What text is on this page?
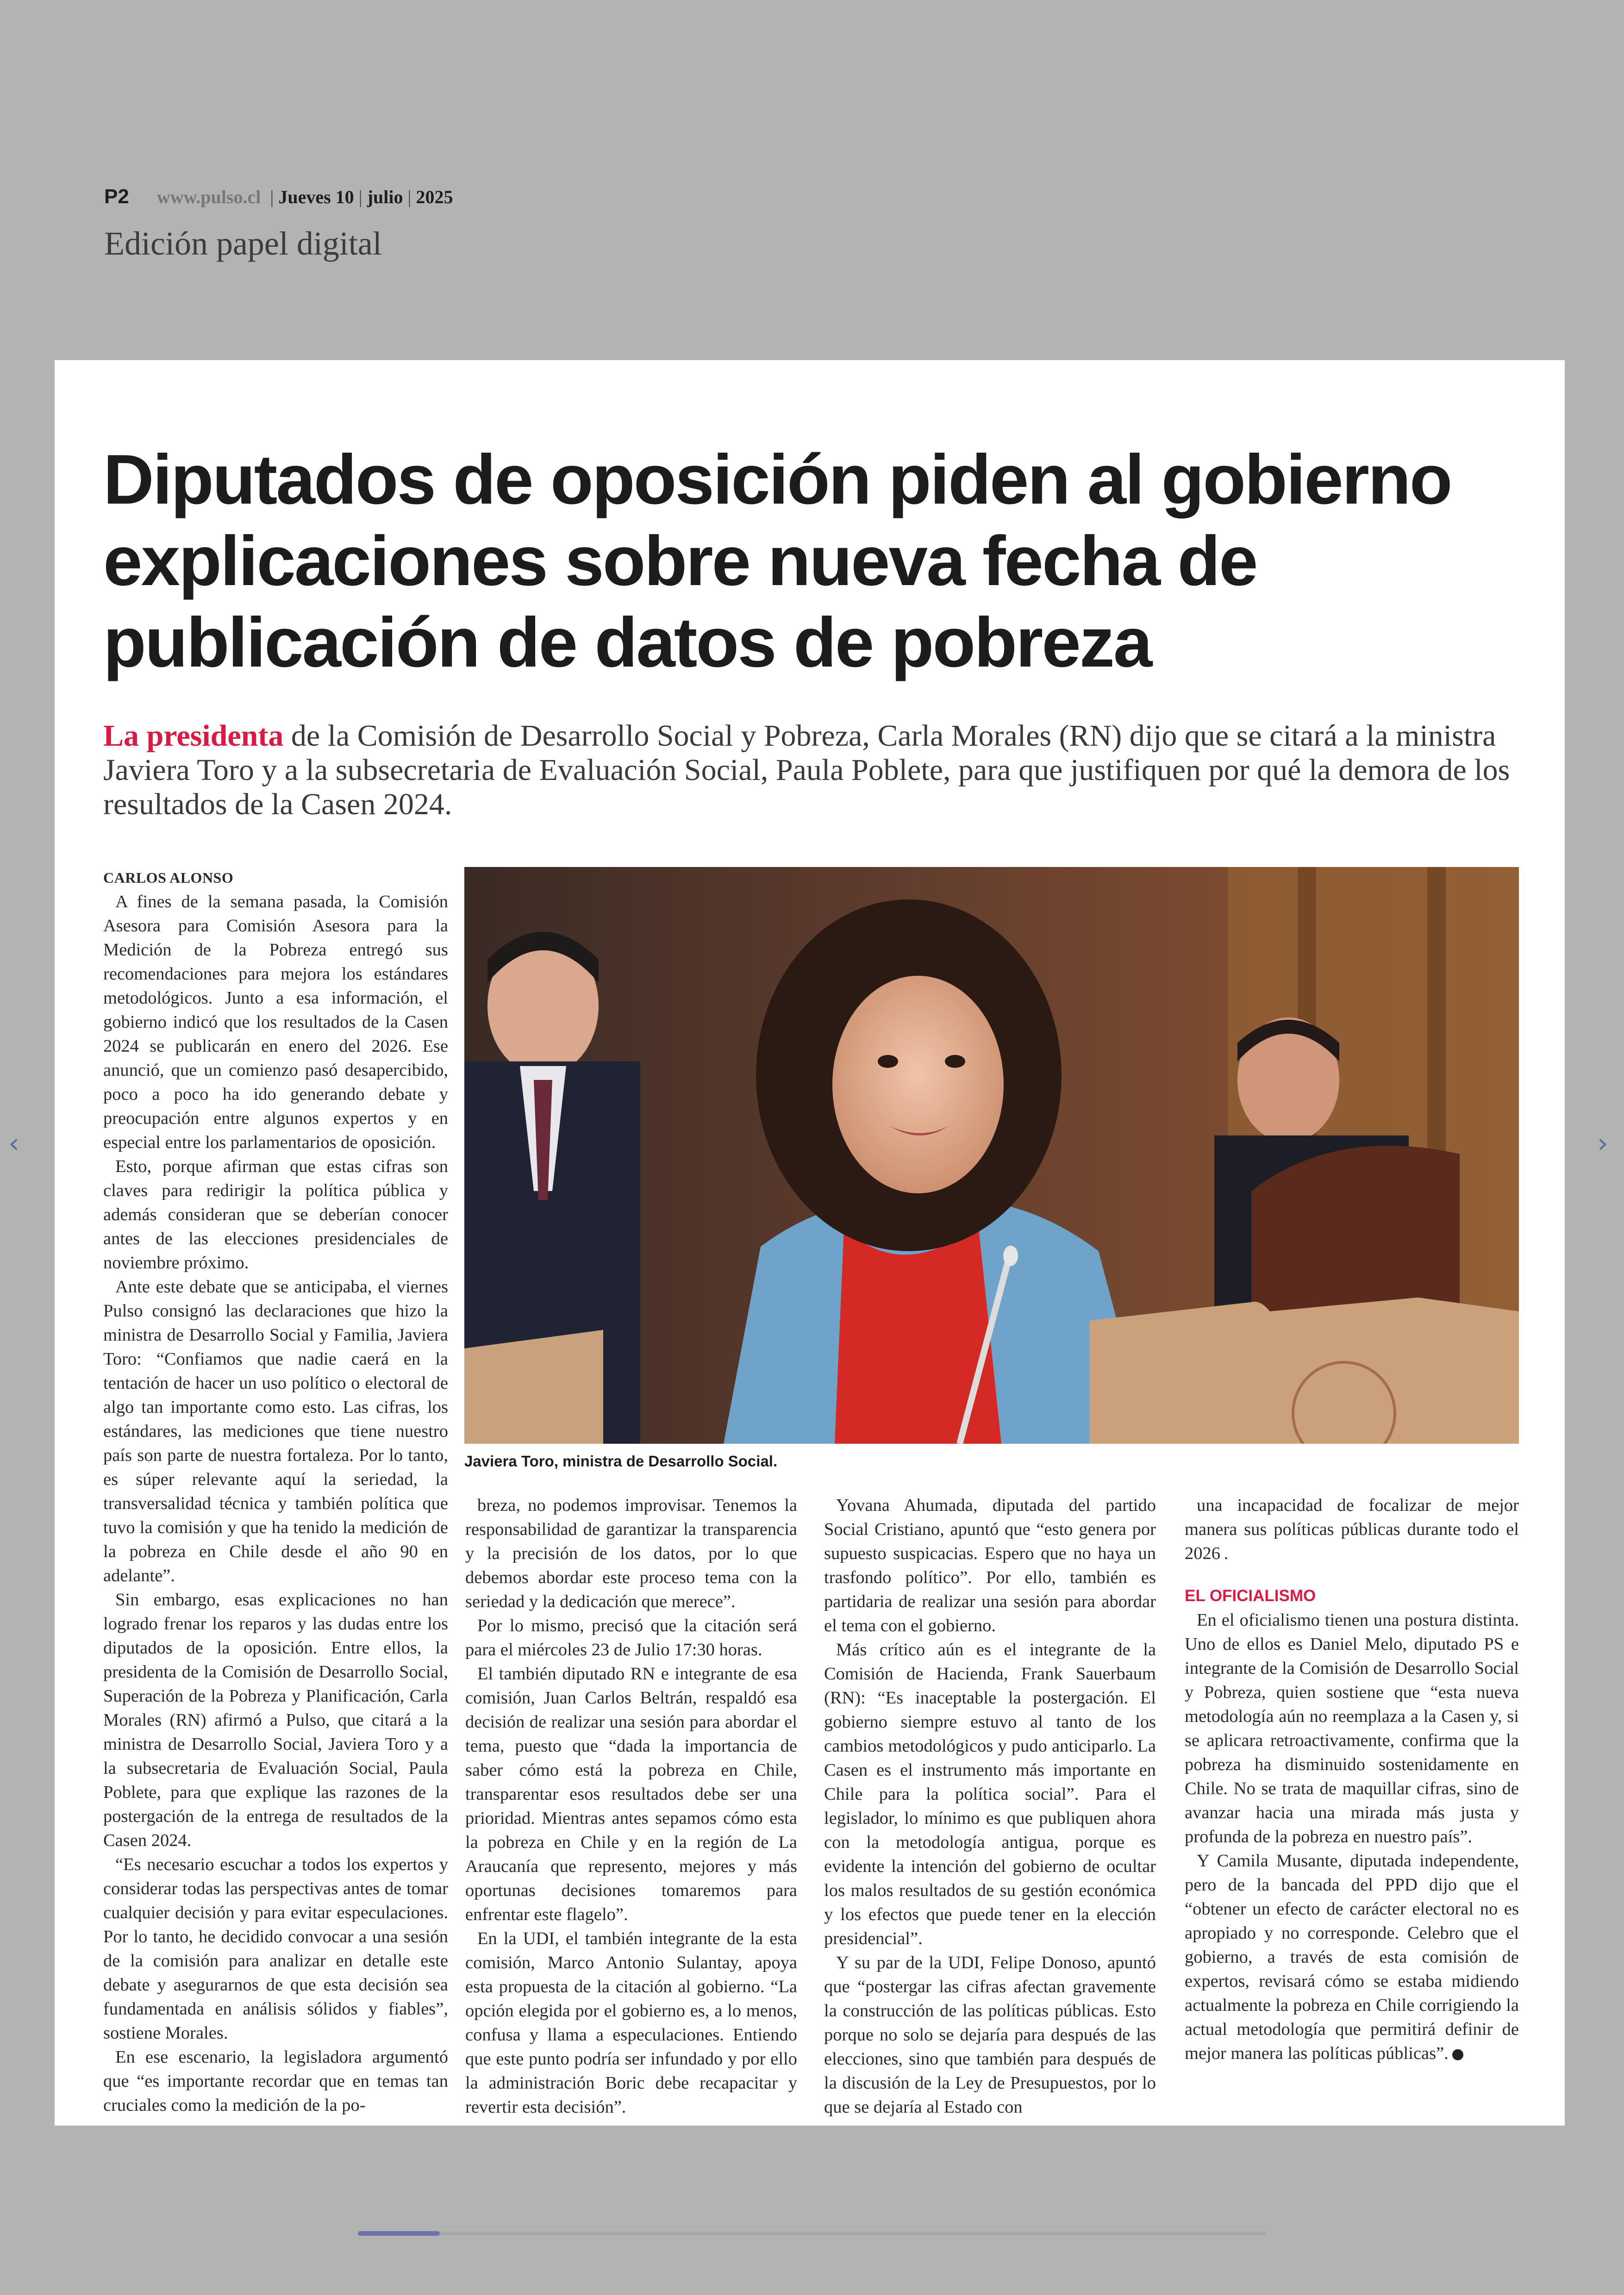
P2 www.pulso.cl | Jueves 10 | julio | 2025
Edición papel digital
‹	›
Diputados de oposición piden al gobierno explicaciones sobre nueva fecha de publicación de datos de pobreza

La presidenta de la Comisión de Desarrollo Social y Pobreza, Carla Morales (RN) dijo que se citará a la ministra Javiera Toro y a la subsecretaria de Evaluación Social, Paula Poblete, para que justifiquen por qué la demora de los resultados de la Casen 2024.

CARLOS ALONSO

A fines de la semana pasada, la Comisión Asesora para Comisión Asesora para la Medición de la Pobreza entregó sus recomendaciones para mejora los estándares metodológicos. Junto a esa información, el gobierno indicó que los resultados de la Casen 2024 se publicarán en enero del 2026. Ese anunció, que un comienzo pasó desapercibido, poco a poco ha ido generando debate y preocupación entre algunos expertos y en especial entre los parlamentarios de oposición.

Esto, porque afirman que estas cifras son claves para redirigir la política pública y además consideran que se deberían conocer antes de las elecciones presidenciales de noviembre próximo.

Ante este debate que se anticipaba, el viernes Pulso consignó las declaraciones que hizo la ministra de Desarrollo Social y Familia, Javiera Toro: “Confiamos que nadie caerá en la tentación de hacer un uso político o electoral de algo tan importante como esto. Las cifras, los estándares, las mediciones que tiene nuestro país son parte de nuestra fortaleza. Por lo tanto, es súper relevante aquí la seriedad, la transversalidad técnica y también política que tuvo la comisión y que ha tenido la medición de la pobreza en Chile desde el año 90 en adelante”.

Sin embargo, esas explicaciones no han logrado frenar los reparos y las dudas entre los diputados de la oposición. Entre ellos, la presidenta de la Comisión de Desarrollo Social, Superación de la Pobreza y Planificación, Carla Morales (RN) afirmó a Pulso, que citará a la ministra de Desarrollo Social, Javiera Toro y a la subsecretaria de Evaluación Social, Paula Poblete, para que explique las razones de la postergación de la entrega de resultados de la Casen 2024.

“Es necesario escuchar a todos los expertos y considerar todas las perspectivas antes de tomar cualquier decisión y para evitar especulaciones. Por lo tanto, he decidido convocar a una sesión de la comisión para analizar en detalle este debate y asegurarnos de que esta decisión sea fundamentada en análisis sólidos y fiables”, sostiene Morales.

En ese escenario, la legisladora argumentó que “es importante recordar que en temas tan cruciales como la medición de la po-

Javiera Toro, ministra de Desarrollo Social.

breza, no podemos improvisar. Tenemos la responsabilidad de garantizar la transparencia y la precisión de los datos, por lo que debemos abordar este proceso tema con la seriedad y la dedicación que merece”.

Por lo mismo, precisó que la citación será para el miércoles 23 de Julio 17:30 horas.

El también diputado RN e integrante de esa comisión, Juan Carlos Beltrán, respaldó esa decisión de realizar una sesión para abordar el tema, puesto que “dada la importancia de saber cómo está la pobreza en Chile, transparentar esos resultados debe ser una prioridad. Mientras antes sepamos cómo esta la pobreza en Chile y en la región de La Araucanía que represento, mejores y más oportunas decisiones tomaremos para enfrentar este flagelo”.

En la UDI, el también integrante de la esta comisión, Marco Antonio Sulantay, apoya esta propuesta de la citación al gobierno. “La opción elegida por el gobierno es, a lo menos, confusa y llama a especulaciones. Entiendo que este punto podría ser infundado y por ello la administración Boric debe recapacitar y revertir esta decisión”.

Yovana Ahumada, diputada del partido Social Cristiano, apuntó que “esto genera por supuesto suspicacias. Espero que no haya un trasfondo político”. Por ello, también es partidaria de realizar una sesión para abordar el tema con el gobierno.

Más crítico aún es el integrante de la Comisión de Hacienda, Frank Sauerbaum (RN): “Es inaceptable la postergación. El gobierno siempre estuvo al tanto de los cambios metodológicos y pudo anticiparlo. La Casen es el instrumento más importante en Chile para la política social”. Para el legislador, lo mínimo es que publiquen ahora con la metodología antigua, porque es evidente la intención del gobierno de ocultar los malos resultados de su gestión económica y los efectos que puede tener en la elección presidencial”.

Y su par de la UDI, Felipe Donoso, apuntó que “postergar las cifras afectan gravemente la construcción de las políticas públicas. Esto porque no solo se dejaría para después de las elecciones, sino que también para después de la discusión de la Ley de Presupuestos, por lo que se dejaría al Estado con

una incapacidad de focalizar de mejor manera sus políticas públicas durante todo el 2026 .

EL OFICIALISMO

En el oficialismo tienen una postura distinta. Uno de ellos es Daniel Melo, diputado PS e integrante de la Comisión de Desarrollo Social y Pobreza, quien sostiene que “esta nueva metodología aún no reemplaza a la Casen y, si se aplicara retroactivamente, confirma que la pobreza ha disminuido sostenidamente en Chile. No se trata de maquillar cifras, sino de avanzar hacia una mirada más justa y profunda de la pobreza en nuestro país”.

Y Camila Musante, diputada independente, pero de la bancada del PPD dijo que el “obtener un efecto de carácter electoral no es apropiado y no corresponde. Celebro que el gobierno, a través de esta comisión de expertos, revisará cómo se estaba midiendo actualmente la pobreza en Chile corrigiendo la actual metodología que permitirá definir de mejor manera las políticas públicas”.
